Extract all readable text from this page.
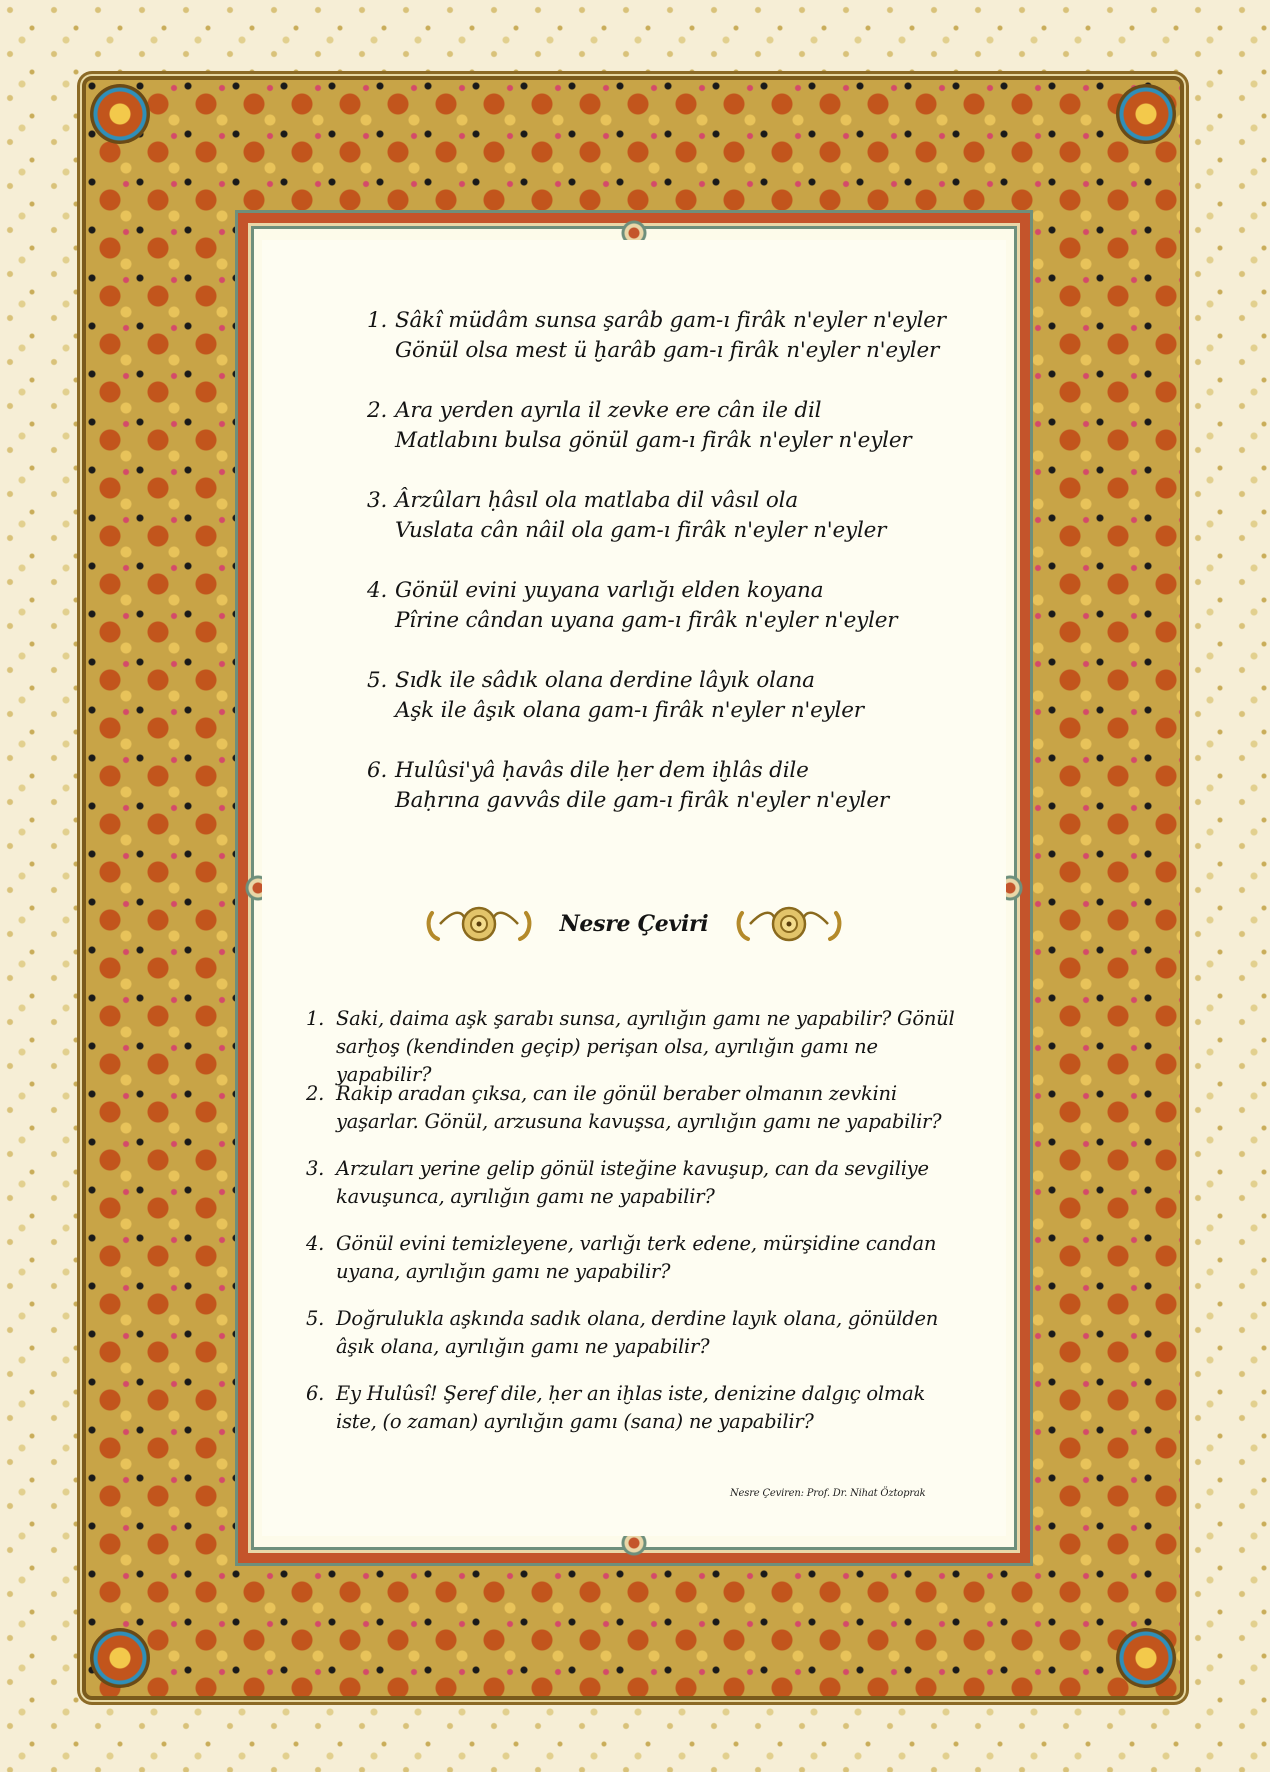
1. Sâkî müdâm sunsa şarâb gam-ı firâk n'eyler n'eyler
Gönül olsa mest ü ḫarâb gam-ı firâk n'eyler n'eyler
2. Ara yerden ayrıla il zevke ere cân ile dil
Matlabını bulsa gönül gam-ı firâk n'eyler n'eyler
3. Ârzûları ḥâsıl ola matlaba dil vâsıl ola
Vuslata cân nâil ola gam-ı firâk n'eyler n'eyler
4. Gönül evini yuyana varlığı elden koyana
Pîrine cândan uyana gam-ı firâk n'eyler n'eyler
5. Sıdk ile sâdık olana derdine lâyık olana
Aşk ile âşık olana gam-ı firâk n'eyler n'eyler
6. Hulûsi'yâ ḥavâs dile ḥer dem iḫlâs dile
Baḥrına gavvâs dile gam-ı firâk n'eyler n'eyler
Nesre Çeviri
1. Saki, daima aşk şarabı sunsa, ayrılığın gamı ne yapabilir? Gönül sarḫoş (kendinden geçip) perişan olsa, ayrılığın gamı ne yapabilir?
2. Rakip aradan çıksa, can ile gönül beraber olmanın zevkini yaşarlar. Gönül, arzusuna kavuşsa, ayrılığın gamı ne yapabilir?
3. Arzuları yerine gelip gönül isteğine kavuşup, can da sevgiliye kavuşunca, ayrılığın gamı ne yapabilir?
4. Gönül evini temizleyene, varlığı terk edene, mürşidine candan uyana, ayrılığın gamı ne yapabilir?
5. Doğrulukla aşkında sadık olana, derdine layık olana, gönülden âşık olana, ayrılığın gamı ne yapabilir?
6. Ey Hulûsî! Şeref dile, ḥer an iḫlas iste, denizine dalgıç olmak iste, (o zaman) ayrılığın gamı (sana) ne yapabilir?
Nesre Çeviren: Prof. Dr. Nihat Öztoprak
